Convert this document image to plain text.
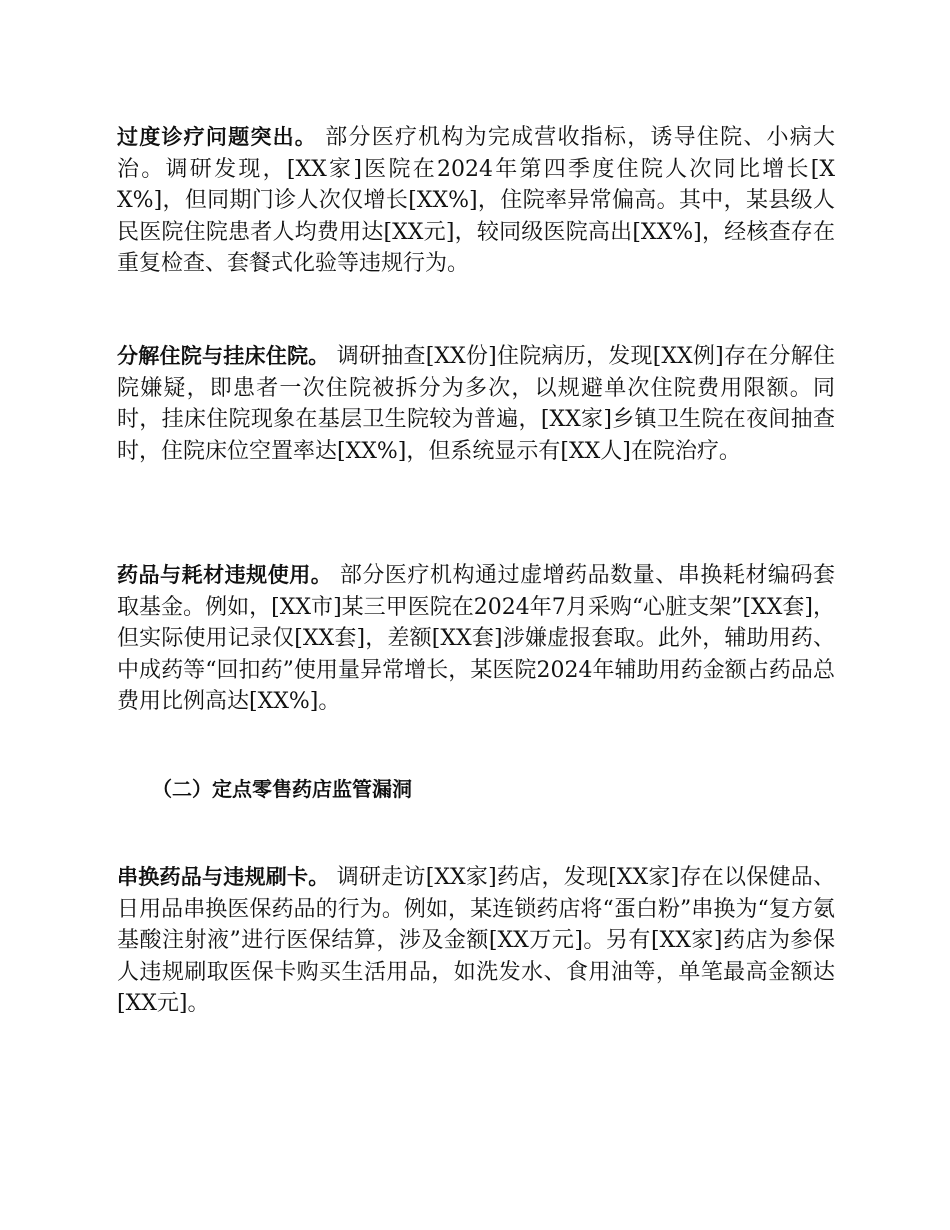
过度诊疗问题突出。 部分医疗机构为完成营收指标，诱导住院、小病大治。调研发现，[XX家]医院在2024年第四季度住院人次同比增长[XX%]，但同期门诊人次仅增长[XX%]，住院率异常偏高。其中，某县级人民医院住院患者人均费用达[XX元]，较同级医院高出[XX%]，经核查存在重复检查、套餐式化验等违规行为。

分解住院与挂床住院。 调研抽查[XX份]住院病历，发现[XX例]存在分解住院嫌疑，即患者一次住院被拆分为多次，以规避单次住院费用限额。同时，挂床住院现象在基层卫生院较为普遍，[XX家]乡镇卫生院在夜间抽查时，住院床位空置率达[XX%]，但系统显示有[XX人]在院治疗。

药品与耗材违规使用。 部分医疗机构通过虚增药品数量、串换耗材编码套取基金。例如，[XX市]某三甲医院在2024年7月采购“心脏支架”[XX套]，但实际使用记录仅[XX套]，差额[XX套]涉嫌虚报套取。此外，辅助用药、中成药等“回扣药”使用量异常增长，某医院2024年辅助用药金额占药品总费用比例高达[XX%]。

（二）定点零售药店监管漏洞

串换药品与违规刷卡。 调研走访[XX家]药店，发现[XX家]存在以保健品、日用品串换医保药品的行为。例如，某连锁药店将“蛋白粉”串换为“复方氨基酸注射液”进行医保结算，涉及金额[XX万元]。另有[XX家]药店为参保人违规刷取医保卡购买生活用品，如洗发水、食用油等，单笔最高金额达[XX元]。
